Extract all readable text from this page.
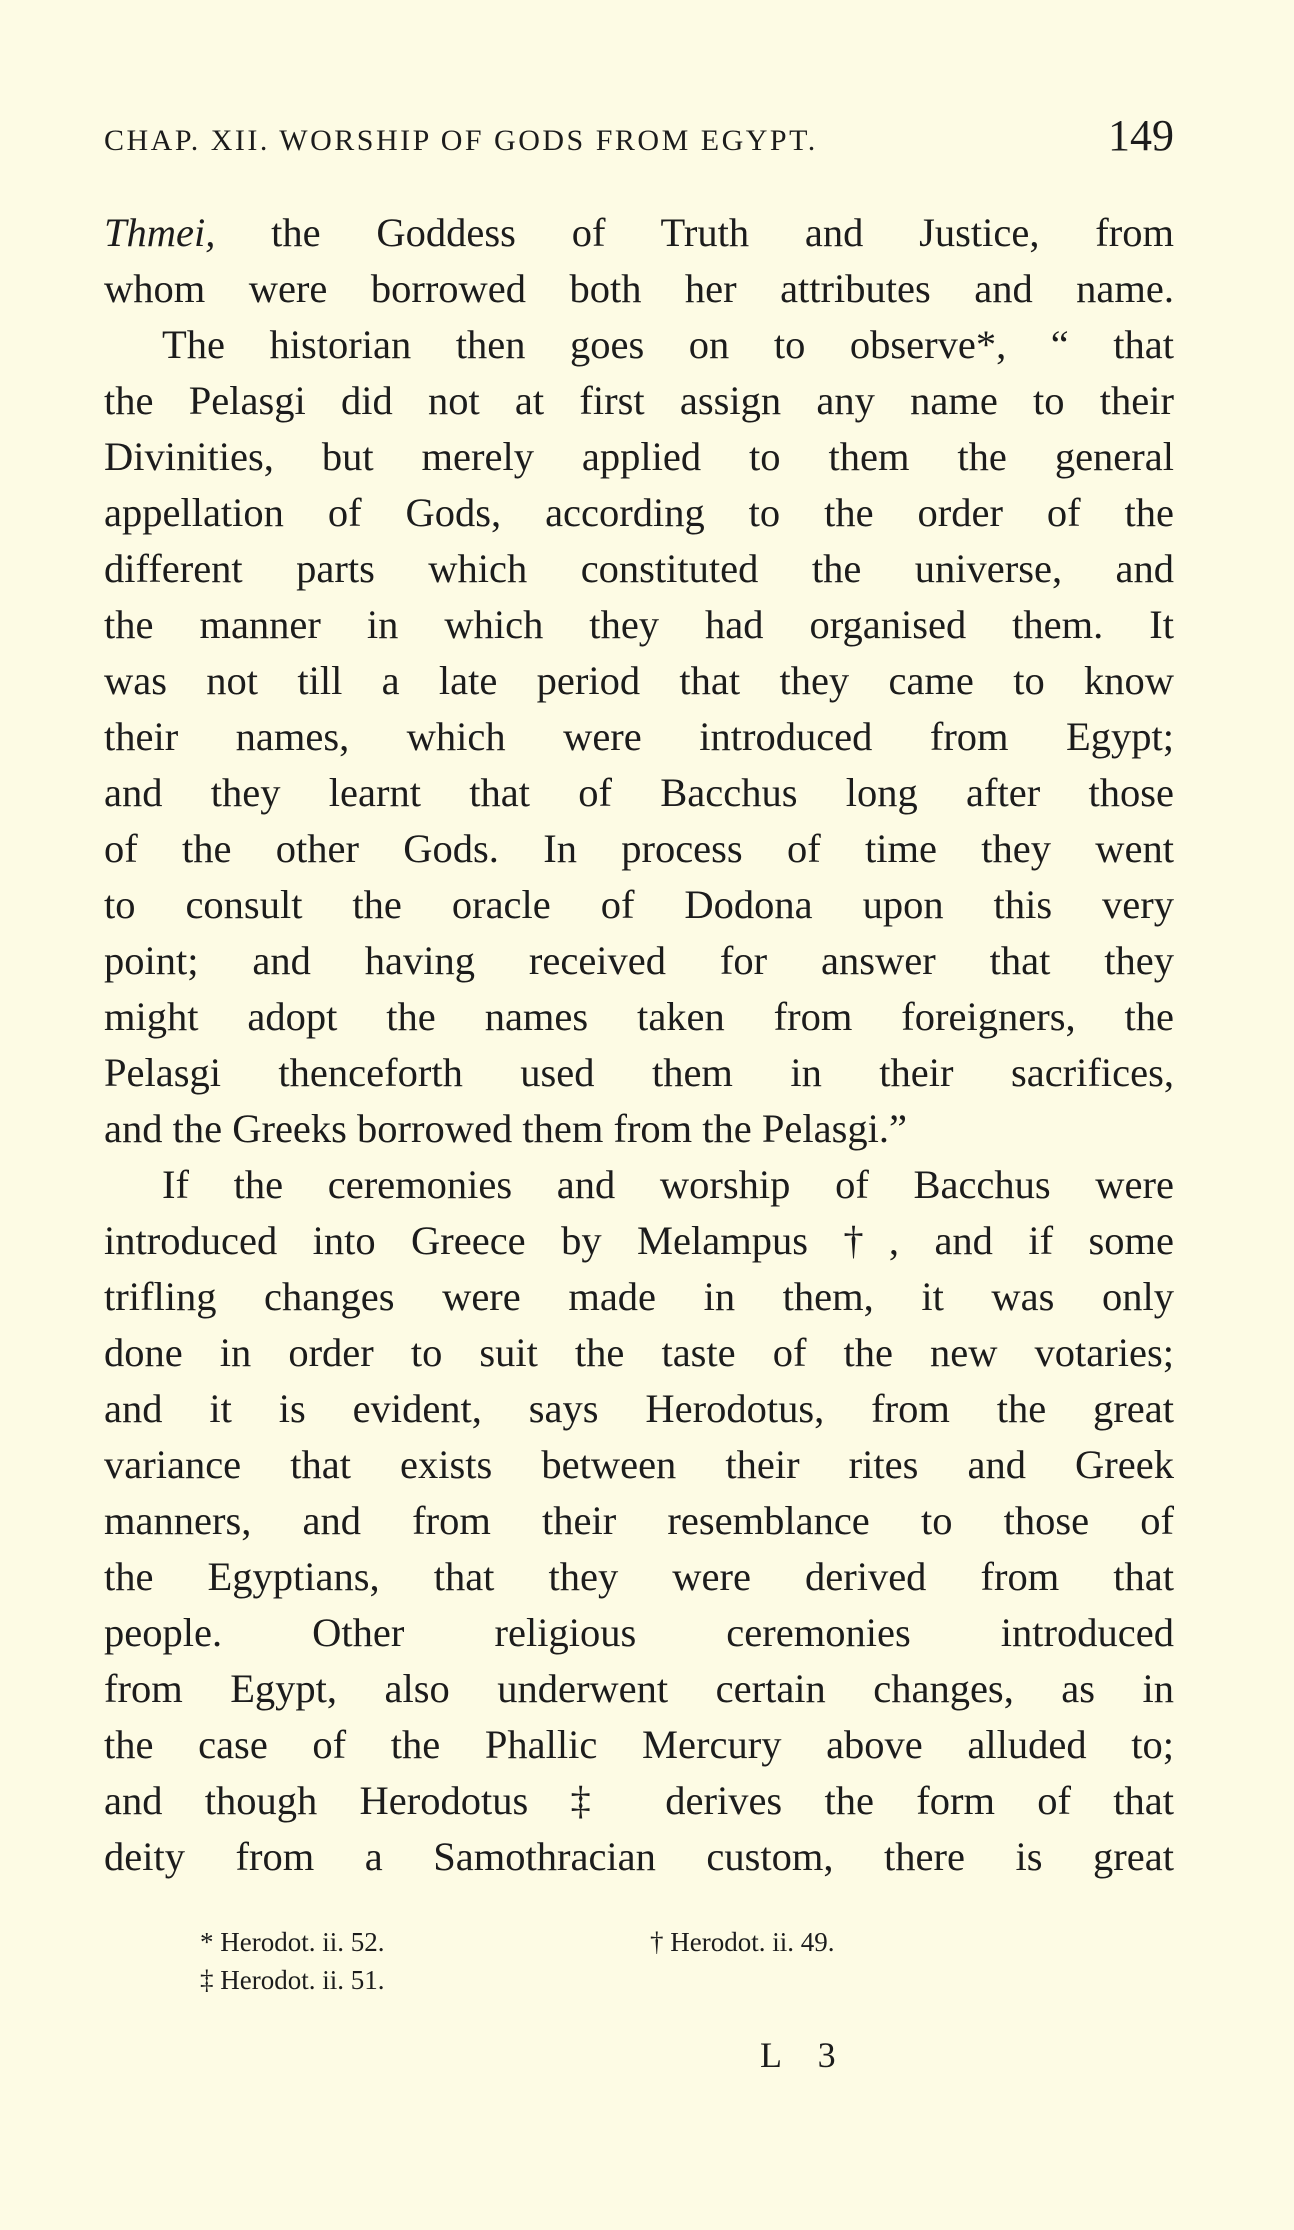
CHAP. XII. WORSHIP OF GODS FROM EGYPT.	149
Thmei, the Goddess of Truth and Justice, from
whom were borrowed both her attributes and name.
The historian then goes on to observe*, “ that
the Pelasgi did not at first assign any name to their
Divinities, but merely applied to them the general
appellation of Gods, according to the order of the
different parts which constituted the universe, and
the manner in which they had organised them. It
was not till a late period that they came to know
their names, which were introduced from Egypt;
and they learnt that of Bacchus long after those
of the other Gods. In process of time they went
to consult the oracle of Dodona upon this very
point; and having received for answer that they
might adopt the names taken from foreigners, the
Pelasgi thenceforth used them in their sacrifices,
and the Greeks borrowed them from the Pelasgi.”
If the ceremonies and worship of Bacchus were
introduced into Greece by Melampus †, and if some
trifling changes were made in them, it was only
done in order to suit the taste of the new votaries;
and it is evident, says Herodotus, from the great
variance that exists between their rites and Greek
manners, and from their resemblance to those of
the Egyptians, that they were derived from that
people. Other religious ceremonies introduced
from Egypt, also underwent certain changes, as in
the case of the Phallic Mercury above alluded to;
and though Herodotus ‡ derives the form of that
deity from a Samothracian custom, there is great
* Herodot. ii. 52.	† Herodot. ii. 49.
‡ Herodot. ii. 51.
L 3
